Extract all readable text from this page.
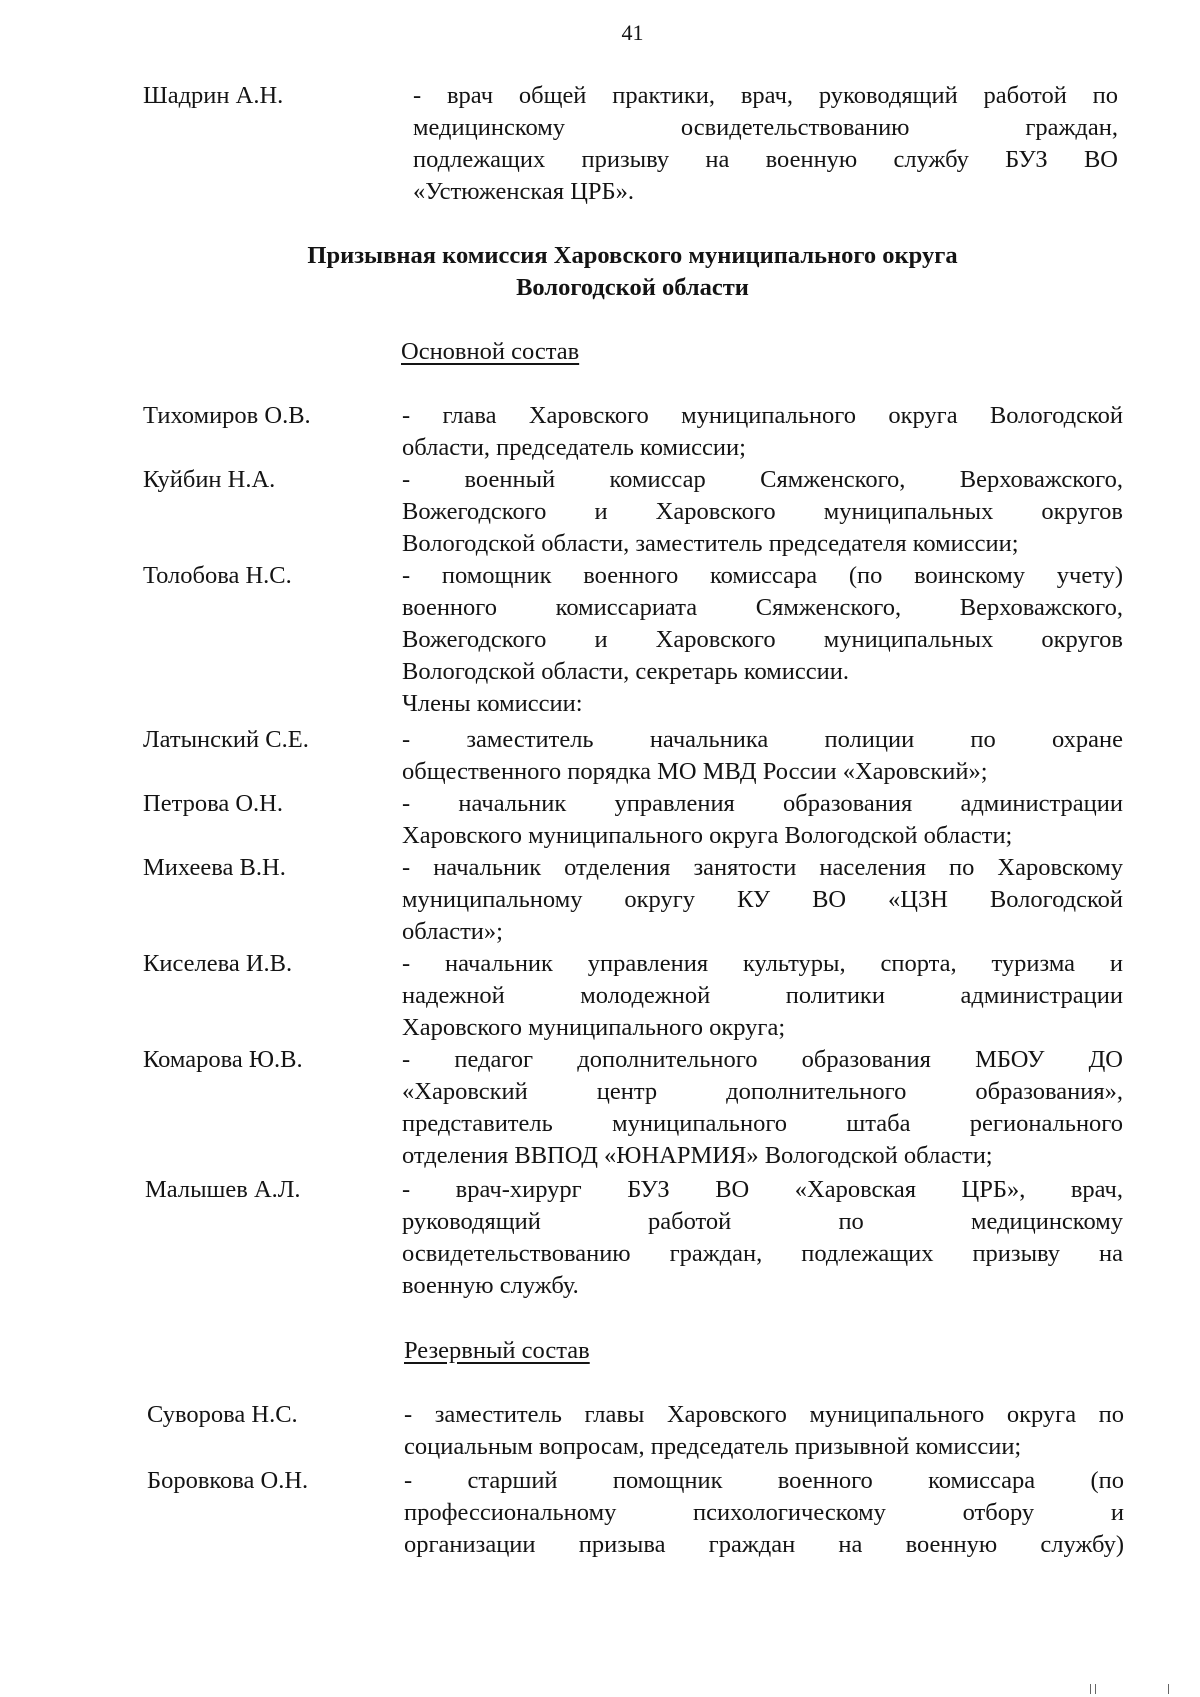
41
Шадрин А.Н.	- врач общей практики, врач, руководящий работой по
медицинскому освидетельствованию граждан,
подлежащих призыву на военную службу БУЗ ВО
«Устюженская ЦРБ».
Призывная комиссия Харовского муниципального округа
Вологодской области
Основной состав
Тихомиров О.В.	- глава Харовского муниципального округа Вологодской
области, председатель комиссии;
Куйбин Н.А.	- военный комиссар Сямженского, Верховажского,
Вожегодского и Харовского муниципальных округов
Вологодской области, заместитель председателя комиссии;
Толобова Н.С.	- помощник военного комиссара (по воинскому учету)
военного комиссариата Сямженского, Верховажского,
Вожегодского и Харовского муниципальных округов
Вологодской области, секретарь комиссии.
Члены комиссии:
Латынский С.Е.	- заместитель начальника полиции по охране
общественного порядка МО МВД России «Харовский»;
Петрова О.Н.	- начальник управления образования администрации
Харовского муниципального округа Вологодской области;
Михеева В.Н.	- начальник отделения занятости населения по Харовскому
муниципальному округу КУ ВО «ЦЗН Вологодской
области»;
Киселева И.В.	- начальник управления культуры, спорта, туризма и
надежной молодежной политики администрации
Харовского муниципального округа;
Комарова Ю.В.	- педагог дополнительного образования МБОУ ДО
«Харовский центр дополнительного образования»,
представитель муниципального штаба регионального
отделения ВВПОД «ЮНАРМИЯ» Вологодской области;
Малышев А.Л.	- врач-хирург БУЗ ВО «Харовская ЦРБ», врач,
руководящий работой по медицинскому
освидетельствованию граждан, подлежащих призыву на
военную службу.
Резервный состав
Суворова Н.С.	- заместитель главы Харовского муниципального округа по
социальным вопросам, председатель призывной комиссии;
Боровкова О.Н.	- старший помощник военного комиссара (по
профессиональному психологическому отбору и
организации призыва граждан на военную службу)
